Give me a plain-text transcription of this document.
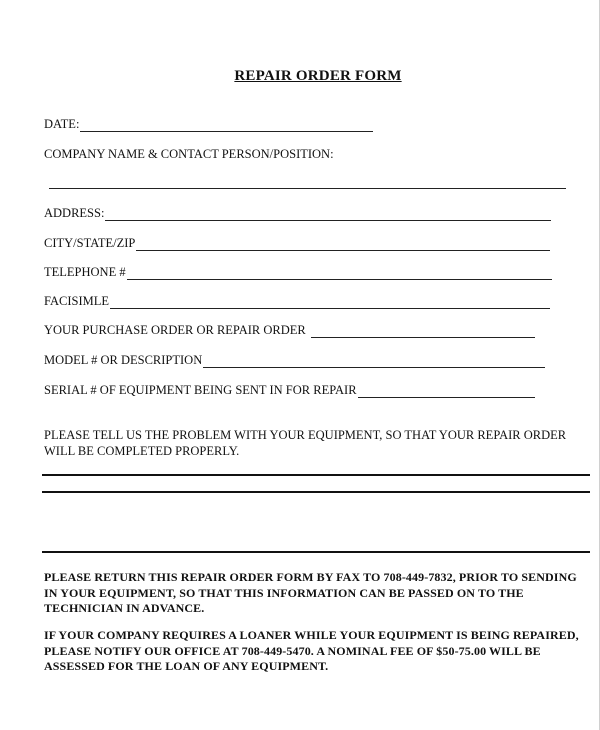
REPAIR ORDER FORM
DATE:
COMPANY NAME & CONTACT PERSON/POSITION:
ADDRESS:
CITY/STATE/ZIP
TELEPHONE #
FACISIMLE
YOUR PURCHASE ORDER OR REPAIR ORDER
MODEL # OR DESCRIPTION
SERIAL # OF EQUIPMENT BEING SENT IN FOR REPAIR
PLEASE TELL US THE PROBLEM WITH YOUR EQUIPMENT, SO THAT YOUR REPAIR ORDER WILL BE COMPLETED PROPERLY.
PLEASE RETURN THIS REPAIR ORDER FORM BY FAX TO 708-449-7832, PRIOR TO SENDING IN YOUR EQUIPMENT, SO THAT THIS INFORMATION CAN BE PASSED ON TO THE TECHNICIAN IN ADVANCE.
IF YOUR COMPANY REQUIRES A LOANER WHILE YOUR EQUIPMENT IS BEING REPAIRED, PLEASE NOTIFY OUR OFFICE AT 708-449-5470. A NOMINAL FEE OF $50-75.00 WILL BE ASSESSED FOR THE LOAN OF ANY EQUIPMENT.
